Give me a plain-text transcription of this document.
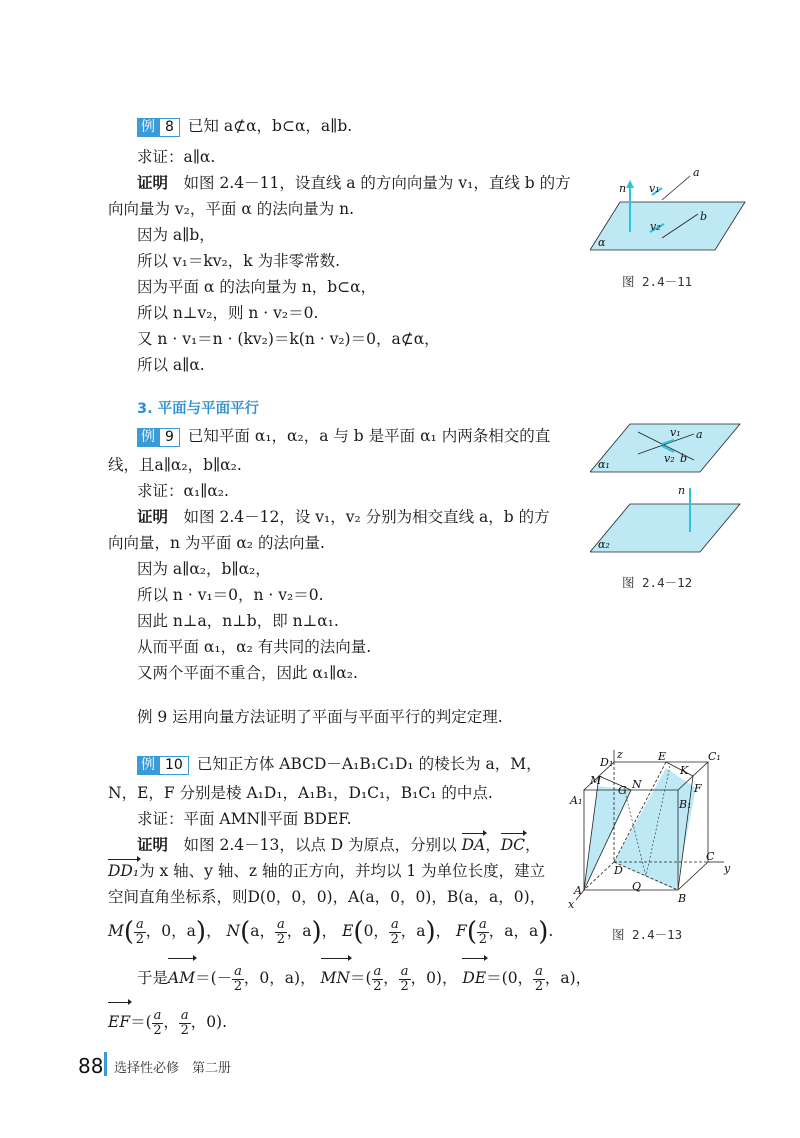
例 8 已知 a⊄α，b⊂α，a∥b.
求证：a∥α.
证明　 如图 2.4－11，设直线 a 的方向向量为 v₁，直线 b 的方
向向量为 v₂，平面 α 的法向量为 n.
因为 a∥b，
所以 v₁＝kv₂，k 为非零常数.
因为平面 α 的法向量为 n，b⊂α，
所以 n⊥v₂，则 n · v₂＝0.
又 n · v₁＝n · (kv₂)＝k(n · v₂)＝0，a⊄α，
所以 a∥α.
n v₁
a
v₂
b
α
图 2.4－11
3. 平面与平面平行
例 9 已知平面 α₁，α₂，a 与 b 是平面 α₁ 内两条相交的直
线，且a∥α₂，b∥α₂.
求证：α₁∥α₂.
证明　 如图 2.4－12，设 v₁，v₂ 分别为相交直线 a，b 的方
向向量，n 为平面 α₂ 的法向量.
因为 a∥α₂，b∥α₂，
所以 n · v₁＝0，n · v₂＝0.
因此 n⊥a，n⊥b，即 n⊥α₁.
从而平面 α₁，α₂ 有共同的法向量.
又两个平面不重合，因此 α₁∥α₂.
v₁ a
v₂ b
α₁
n
α₂
图 2.4－12
例 9 运用向量方法证明了平面与平面平行的判定定理.
例 10 已知正方体 ABCD－A₁B₁C₁D₁ 的棱长为 a，M，
N，E，F 分别是棱 A₁D₁，A₁B₁，D₁C₁，B₁C₁ 的中点.
求证：平面 AMN∥平面 BDEF.
证明　 如图 2.4－13，以点 D 为原点，分别以 DA，DC，
DD₁为 x 轴、y 轴、z 轴的正方向，并均以 1 为单位长度，建立
空间直角坐标系，则D(0，0，0)，A(a，0，0)，B(a，a，0)，
$M( \frac{a}{2}$ ，0，a)， N(a， $\frac{a}{2}$ ，a)， E(0， $\frac{a}{2}$ ，a)， $F( \frac{a}{2}$ ，a，a).
于是$AM=(- \frac{a}{2}$ ，0，a)， $MN=( \frac{a}{2}$ ， $\frac{a}{2}$ ，0)， DE＝(0， $\frac{a}{2}$ ，a)，
$EF=( \frac{a}{2}$ ， $\frac{a}{2}$ ，0).
z
D₁	E
K
C₁
M	N	F
A₁
G
B₁
C
y
D
Q
A
B
x
图 2.4－13
88 选择性必修　第二册
